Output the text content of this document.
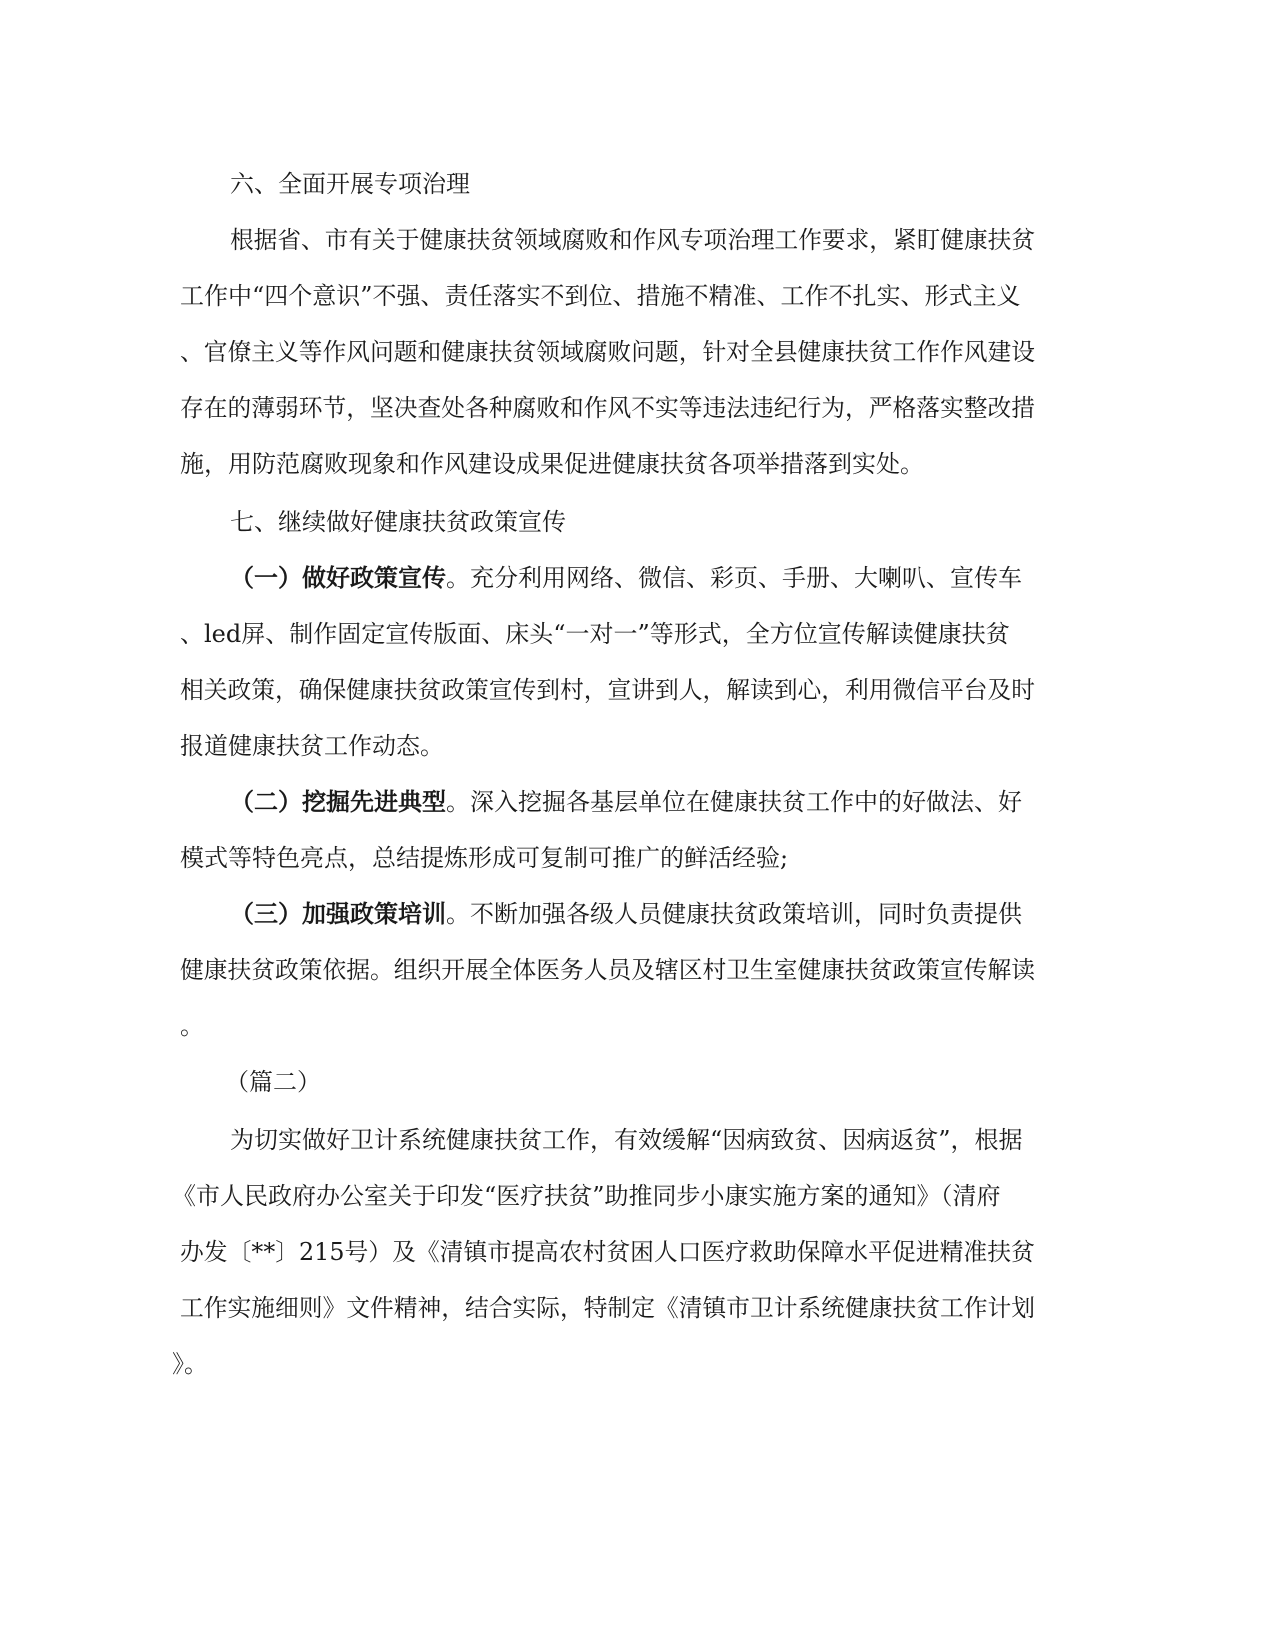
六、全面开展专项治理
根据省、市有关于健康扶贫领域腐败和作风专项治理工作要求，紧盯健康扶贫
工作中“四个意识”不强、责任落实不到位、措施不精准、工作不扎实、形式主义
、官僚主义等作风问题和健康扶贫领域腐败问题，针对全县健康扶贫工作作风建设
存在的薄弱环节，坚决查处各种腐败和作风不实等违法违纪行为，严格落实整改措
施，用防范腐败现象和作风建设成果促进健康扶贫各项举措落到实处。
七、继续做好健康扶贫政策宣传
（一）做好政策宣传 。充分利用网络、微信、彩页、手册、大喇叭、宣传车
、led屏、制作固定宣传版面、床头“一对一”等形式，全方位宣传解读健康扶贫
相关政策，确保健康扶贫政策宣传到村，宣讲到人，解读到心，利用微信平台及时
报道健康扶贫工作动态。
（二）挖掘先进典型 。深入挖掘各基层单位在健康扶贫工作中的好做法、好
模式等特色亮点，总结提炼形成可复制可推广的鲜活经验;
（三）加强政策培训 。不断加强各级人员健康扶贫政策培训，同时负责提供
健康扶贫政策依据。组织开展全体医务人员及辖区村卫生室健康扶贫政策宣传解读
。
（篇二）
为切实做好卫计系统健康扶贫工作，有效缓解“因病致贫、因病返贫”，根据
《市人民政府办公室关于印发“医疗扶贫”助推同步小康实施方案的通知》（清府
办发〔**〕215号）及《清镇市提高农村贫困人口医疗救助保障水平促进精准扶贫
工作实施细则》文件精神，结合实际，特制定《清镇市卫计系统健康扶贫工作计划
》。
